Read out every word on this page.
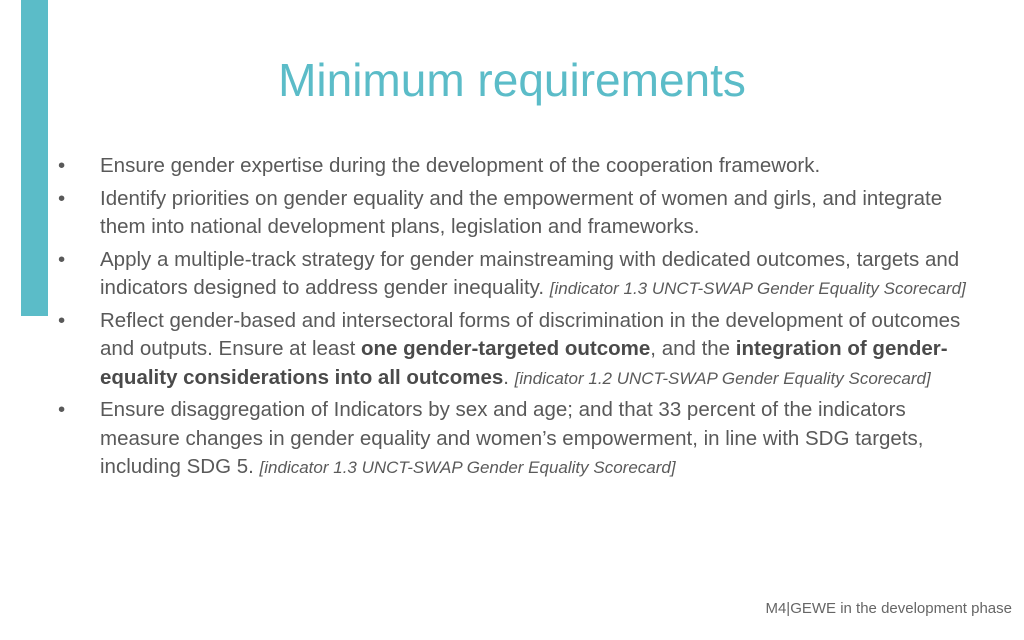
Minimum requirements
• Ensure gender expertise during the development of the cooperation framework.
• Identify priorities on gender equality and the empowerment of women and girls, and integrate them into national development plans, legislation and frameworks.
• Apply a multiple-track strategy for gender mainstreaming with dedicated outcomes, targets and indicators designed to address gender inequality. [indicator 1.3 UNCT-SWAP Gender Equality Scorecard]
• Reflect gender-based and intersectoral forms of discrimination in the development of outcomes and outputs. Ensure at least one gender-targeted outcome, and the integration of gender-equality considerations into all outcomes. [indicator 1.2 UNCT-SWAP Gender Equality Scorecard]
• Ensure disaggregation of Indicators by sex and age; and that 33 percent of the indicators measure changes in gender equality and women’s empowerment, in line with SDG targets, including SDG 5. [indicator 1.3 UNCT-SWAP Gender Equality Scorecard]
M4|GEWE in the development phase
